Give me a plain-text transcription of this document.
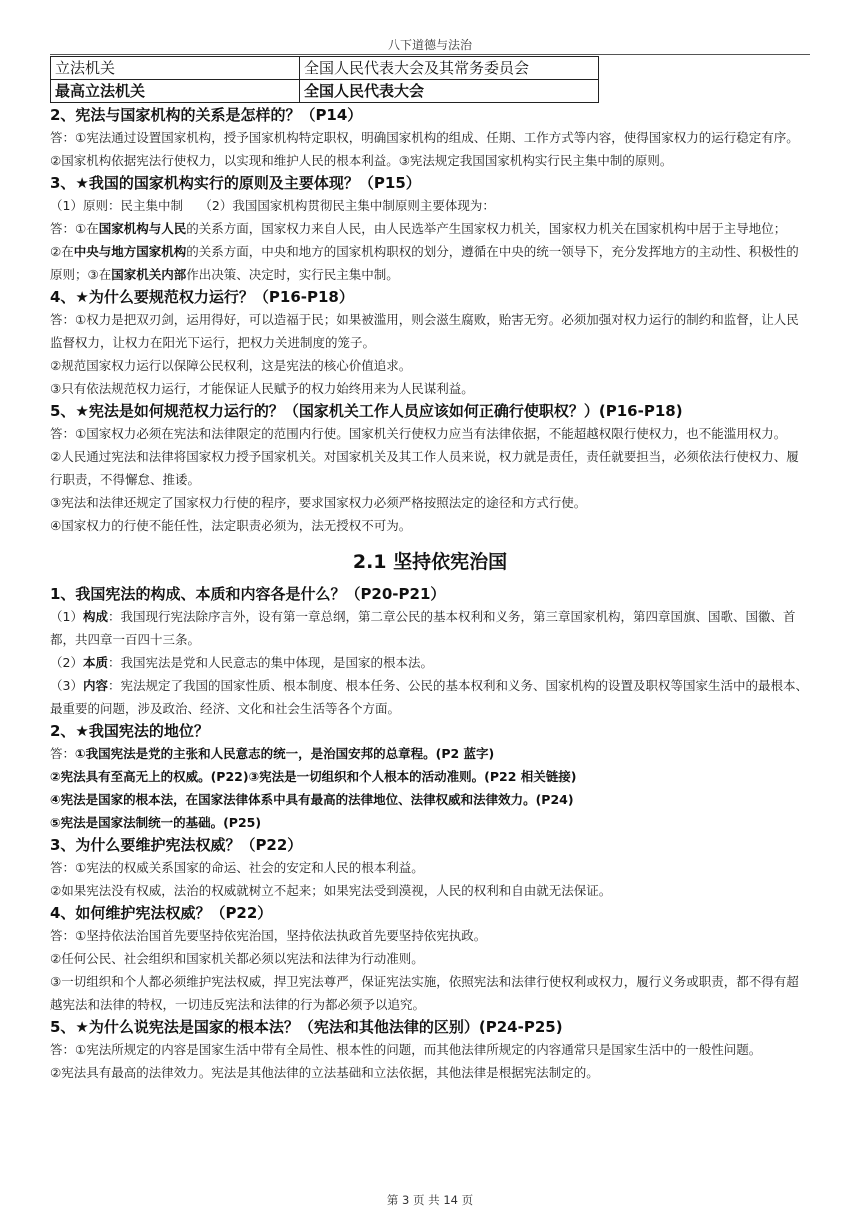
八下道德与法治
立法机关	全国人民代表大会及其常务委员会
最高立法机关	全国人民代表大会

2、宪法与国家机构的关系是怎样的？（P14）

答：①宪法通过设置国家机构，授予国家机构特定职权，明确国家机构的组成、任期、工作方式等内容，使得国家权力的运行稳定有序。

②国家机构依据宪法行使权力，以实现和维护人民的根本利益。③宪法规定我国国家机构实行民主集中制的原则。

3、★我国的国家机构实行的原则及主要体现？（P15）

（1）原则：民主集中制　 （2）我国国家机构贯彻民主集中制原则主要体现为：

答：①在国家机构与人民的关系方面，国家权力来自人民，由人民选举产生国家权力机关，国家权力机关在国家机构中居于主导地位；

②在中央与地方国家机构的关系方面，中央和地方的国家机构职权的划分，遵循在中央的统一领导下，充分发挥地方的主动性、积极性的原则；③在国家机关内部作出决策、决定时，实行民主集中制。

4、★为什么要规范权力运行？（P16-P18）

答：①权力是把双刃剑，运用得好，可以造福于民；如果被滥用，则会滋生腐败，贻害无穷。必须加强对权力运行的制约和监督，让人民监督权力，让权力在阳光下运行，把权力关进制度的笼子。

②规范国家权力运行以保障公民权利，这是宪法的核心价值追求。

③只有依法规范权力运行，才能保证人民赋予的权力始终用来为人民谋利益。

5、★宪法是如何规范权力运行的？（国家机关工作人员应该如何正确行使职权？）(P16-P18)

答：①国家权力必须在宪法和法律限定的范围内行使。国家机关行使权力应当有法律依据，不能超越权限行使权力，也不能滥用权力。

②人民通过宪法和法律将国家权力授予国家机关。对国家机关及其工作人员来说，权力就是责任，责任就要担当，必须依法行使权力、履行职责，不得懈怠、推诿。

③宪法和法律还规定了国家权力行使的程序，要求国家权力必须严格按照法定的途径和方式行使。

④国家权力的行使不能任性，法定职责必须为，法无授权不可为。

2.1 坚持依宪治国

1、我国宪法的构成、本质和内容各是什么？（P20-P21）

（1）构成：我国现行宪法除序言外，设有第一章总纲，第二章公民的基本权利和义务，第三章国家机构，第四章国旗、国歌、国徽、首都，共四章一百四十三条。

（2）本质：我国宪法是党和人民意志的集中体现，是国家的根本法。

（3）内容：宪法规定了我国的国家性质、根本制度、根本任务、公民的基本权利和义务、国家机构的设置及职权等国家生活中的最根本、最重要的问题，涉及政治、经济、文化和社会生活等各个方面。

2、★我国宪法的地位？

答：①我国宪法是党的主张和人民意志的统一，是治国安邦的总章程。(P2 蓝字)

②宪法具有至高无上的权威。(P22)③宪法是一切组织和个人根本的活动准则。(P22 相关链接)

④宪法是国家的根本法，在国家法律体系中具有最高的法律地位、法律权威和法律效力。(P24)

⑤宪法是国家法制统一的基础。(P25)

3、为什么要维护宪法权威？（P22）

答：①宪法的权威关系国家的命运、社会的安定和人民的根本利益。

②如果宪法没有权威，法治的权威就树立不起来；如果宪法受到漠视，人民的权利和自由就无法保证。

4、如何维护宪法权威？（P22）

答：①坚持依法治国首先要坚持依宪治国，坚持依法执政首先要坚持依宪执政。

②任何公民、社会组织和国家机关都必须以宪法和法律为行动准则。

③一切组织和个人都必须维护宪法权威，捍卫宪法尊严，保证宪法实施，依照宪法和法律行使权利或权力，履行义务或职责，都不得有超越宪法和法律的特权，一切违反宪法和法律的行为都必须予以追究。

5、★为什么说宪法是国家的根本法？（宪法和其他法律的区别）(P24-P25)

答：①宪法所规定的内容是国家生活中带有全局性、根本性的问题，而其他法律所规定的内容通常只是国家生活中的一般性问题。

②宪法具有最高的法律效力。宪法是其他法律的立法基础和立法依据，其他法律是根据宪法制定的。

第 3 页 共 14 页
